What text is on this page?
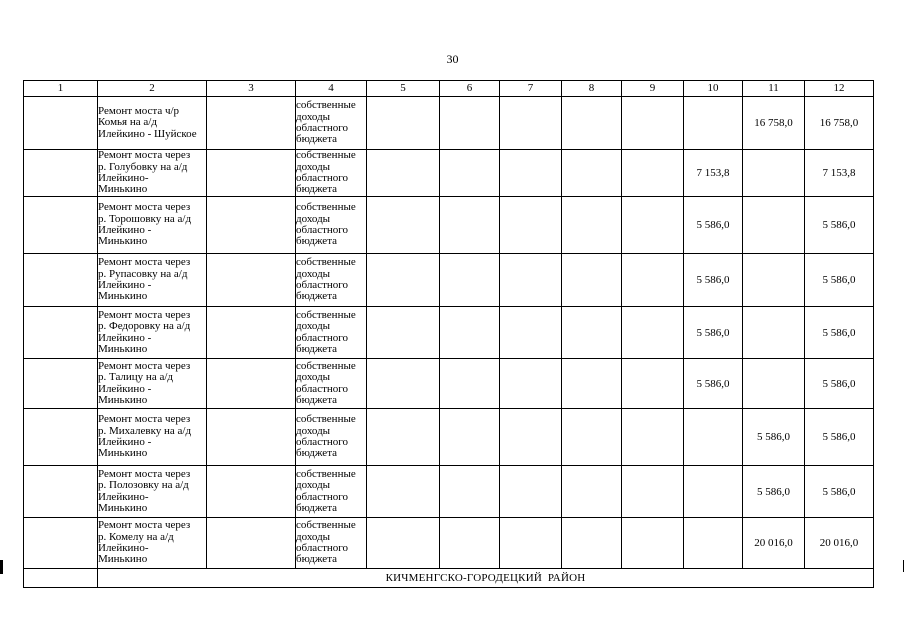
30
1	2	3	4	5	6	7	8	9	10	11	12
	Ремонт моста ч/р
Комья на а/д
Илейкино - Шуйское		собственные
доходы
областного
бюджета							16 758,0	16 758,0
	Ремонт моста через
р. Голубовку на а/д
Илейкино-
Минькино		собственные
доходы
областного
бюджета						7 153,8		7 153,8
	Ремонт моста через
р. Торошовку на а/д
Илейкино -
Минькино		собственные
доходы
областного
бюджета						5 586,0		5 586,0
	Ремонт моста через
р. Рупасовку на а/д
Илейкино -
Минькино		собственные
доходы
областного
бюджета						5 586,0		5 586,0
	Ремонт моста через
р. Федоровку на а/д
Илейкино -
Минькино		собственные
доходы
областного
бюджета						5 586,0		5 586,0
	Ремонт моста через
р. Талицу на а/д
Илейкино -
Минькино		собственные
доходы
областного
бюджета						5 586,0		5 586,0
	Ремонт моста через
р. Михалевку на а/д
Илейкино -
Минькино		собственные
доходы
областного
бюджета							5 586,0	5 586,0
	Ремонт моста через
р. Полозовку на а/д
Илейкино-
Минькино		собственные
доходы
областного
бюджета							5 586,0	5 586,0
	Ремонт моста через
р. Комелу на а/д
Илейкино-
Минькино		собственные
доходы
областного
бюджета							20 016,0	20 016,0
	КИЧМЕНГСКО-ГОРОДЕЦКИЙ  РАЙОН										
